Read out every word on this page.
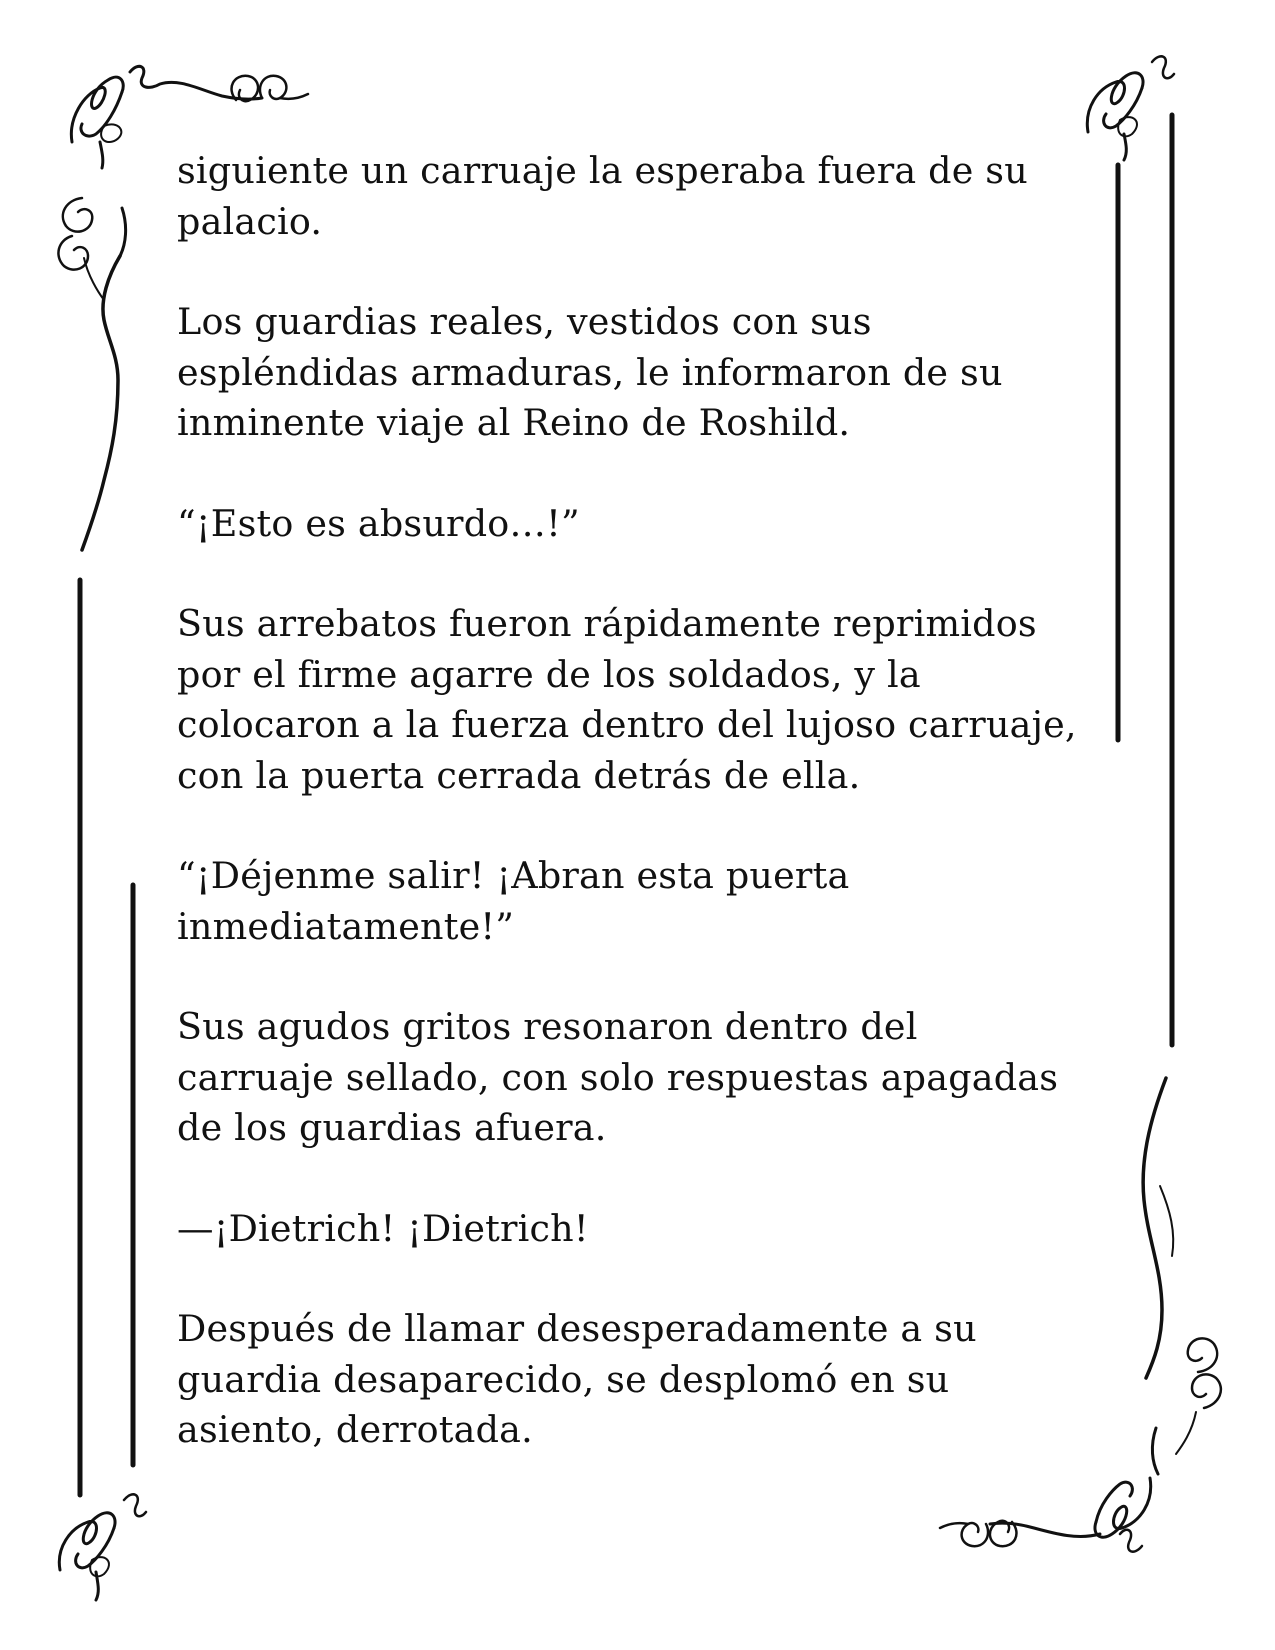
siguiente un carruaje la esperaba fuera de su
palacio.

Los guardias reales, vestidos con sus
espléndidas armaduras, le informaron de su
inminente viaje al Reino de Roshild.

“¡Esto es absurdo…!”

Sus arrebatos fueron rápidamente reprimidos
por el firme agarre de los soldados, y la
colocaron a la fuerza dentro del lujoso carruaje,
con la puerta cerrada detrás de ella.

“¡Déjenme salir! ¡Abran esta puerta
inmediatamente!”

Sus agudos gritos resonaron dentro del
carruaje sellado, con solo respuestas apagadas
de los guardias afuera.

—¡Dietrich! ¡Dietrich!

Después de llamar desesperadamente a su
guardia desaparecido, se desplomó en su
asiento, derrotada.
